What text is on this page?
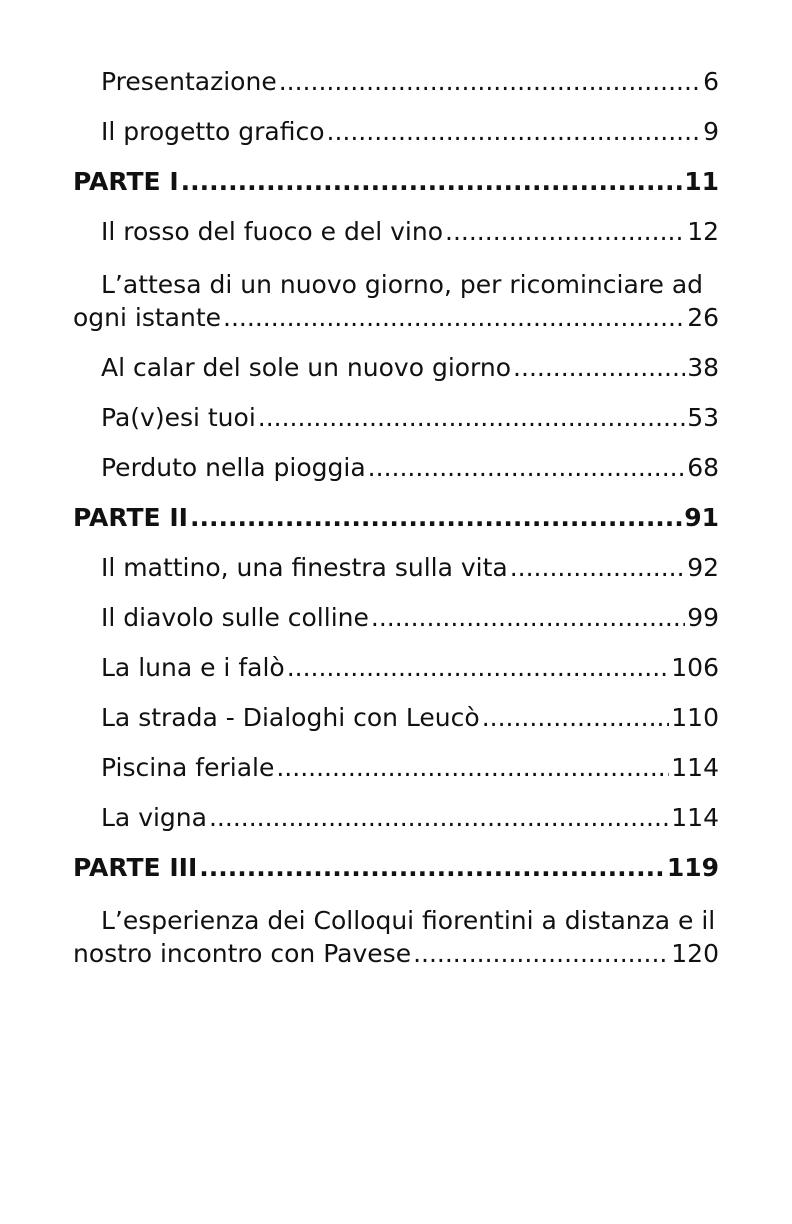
Presentazione .....	6
Il progetto grafico .....	9
PARTE I .....	11
Il rosso del fuoco e del vino .....	12
L’attesa di un nuovo giorno, per ricominciare ad
ogni istante .....	26
Al calar del sole un nuovo giorno .....	38
Pa(v)esi tuoi .....	53
Perduto nella pioggia .....	68
PARTE II .....	91
Il mattino, una finestra sulla vita .....	92
Il diavolo sulle colline .....	99
La luna e i falò .....	106
La strada - Dialoghi con Leucò .....	110
Piscina feriale .....	114
La vigna .....	114
PARTE III .....	119
L’esperienza dei Colloqui fiorentini a distanza e il
nostro incontro con Pavese .....	120
